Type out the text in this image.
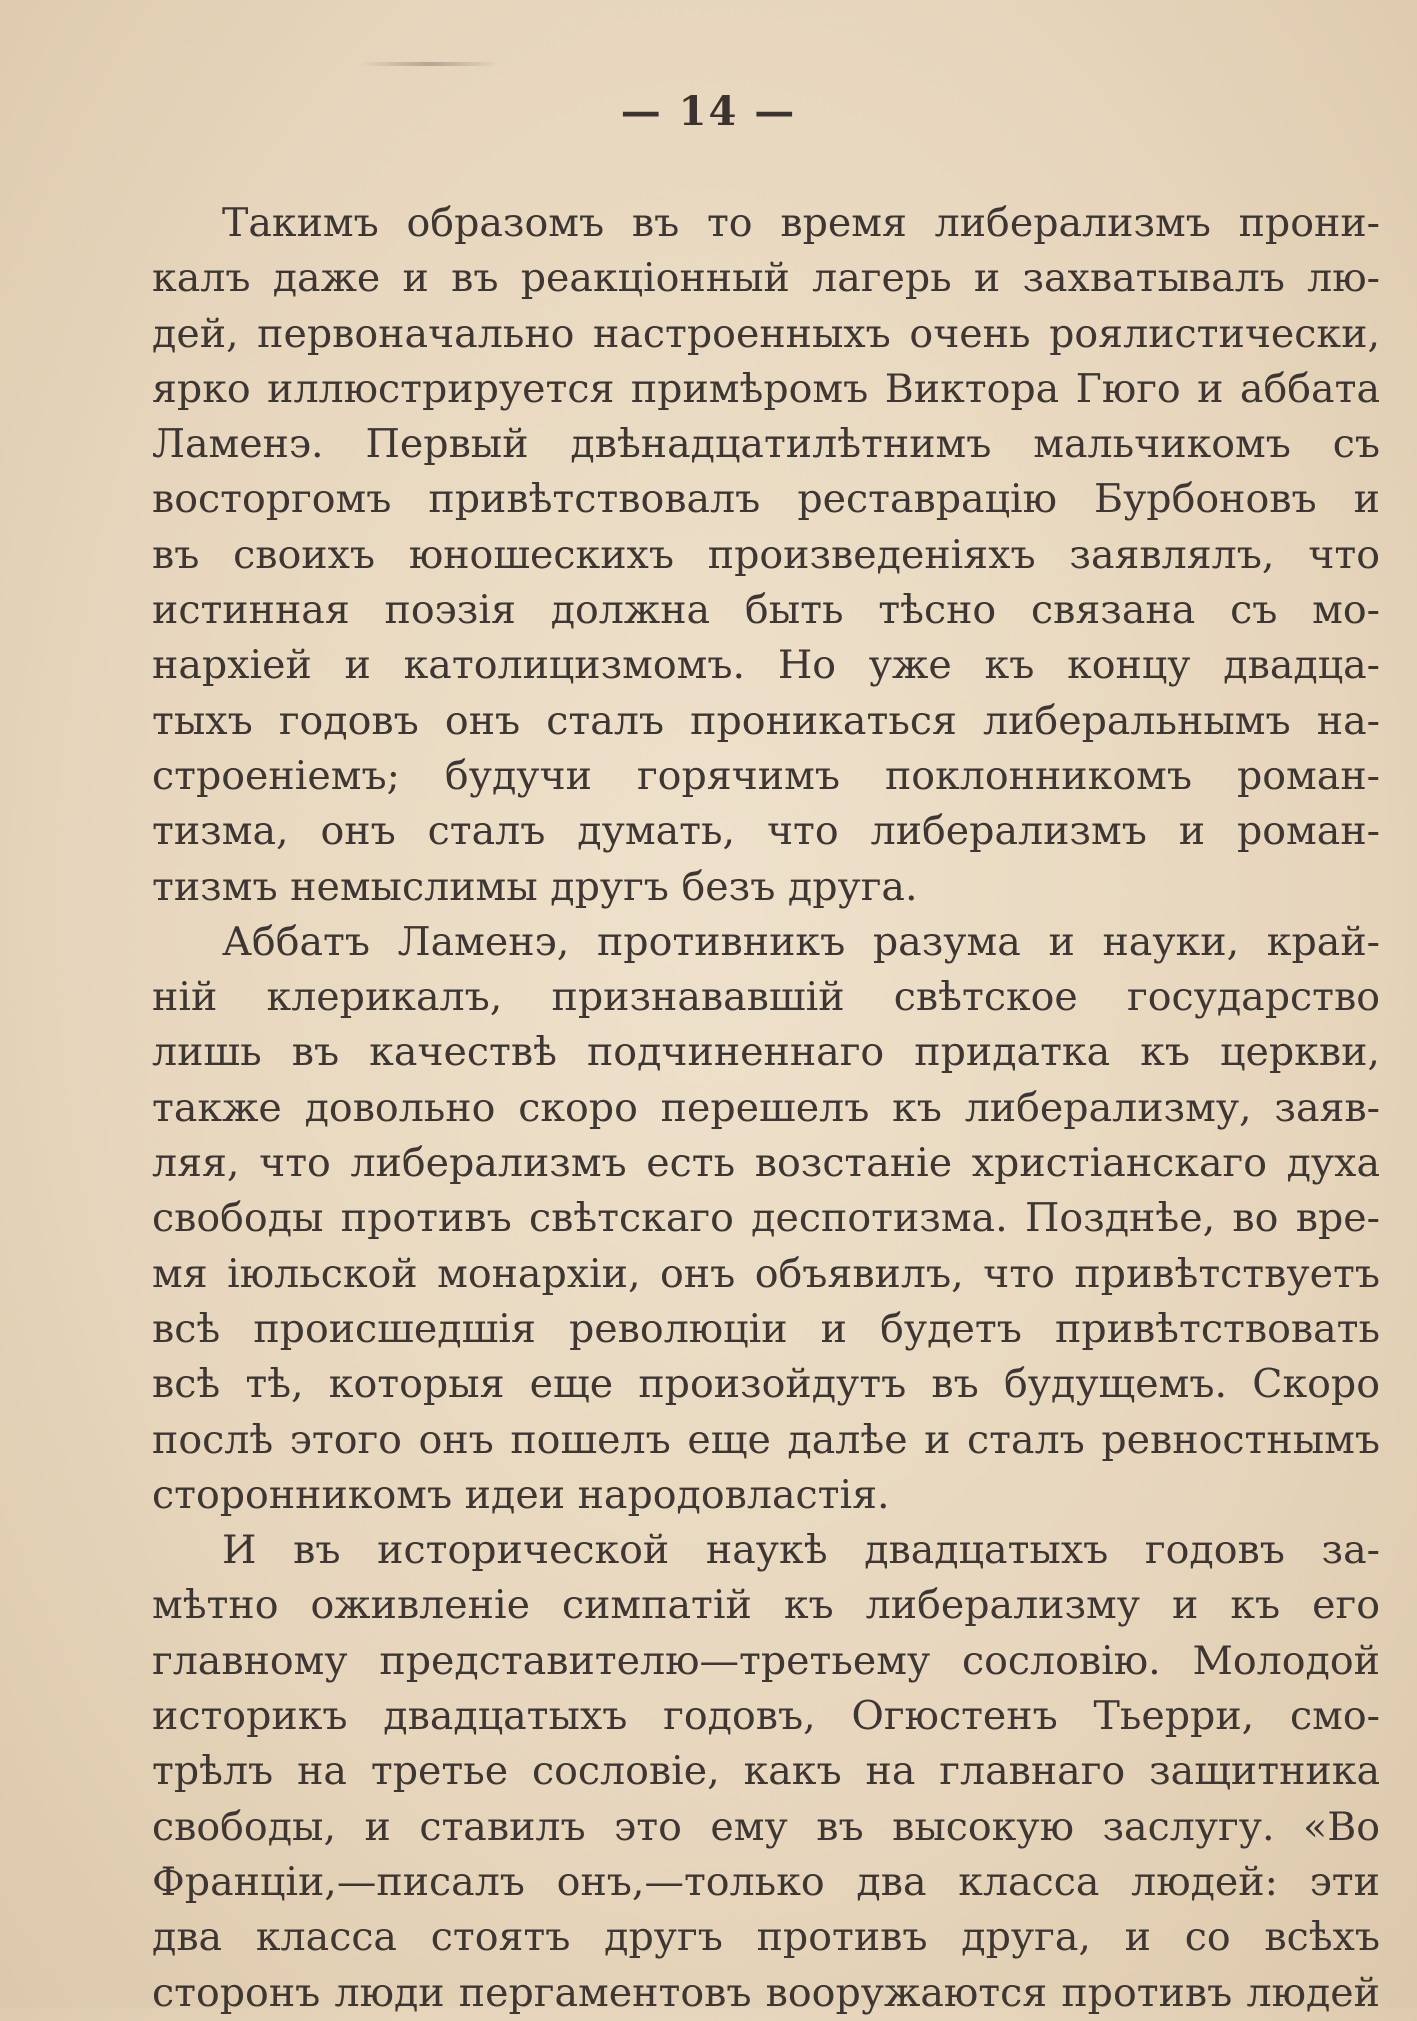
— 14 —
Такимъ образомъ въ то время либерализмъ прони-
калъ даже и въ реакціонный лагерь и захватывалъ лю-
дей, первоначально настроенныхъ очень роялистически,
ярко иллюстрируется примѣромъ Виктора Гюго и аббата
Ламенэ. Первый двѣнадцатилѣтнимъ мальчикомъ съ
восторгомъ привѣтствовалъ реставрацію Бурбоновъ и
въ своихъ юношескихъ произведеніяхъ заявлялъ, что
истинная поэзія должна быть тѣсно связана съ мо-
нархіей и католицизмомъ. Но уже къ концу двадца-
тыхъ годовъ онъ сталъ проникаться либеральнымъ на-
строеніемъ; будучи горячимъ поклонникомъ роман-
тизма, онъ сталъ думать, что либерализмъ и роман-
тизмъ немыслимы другъ безъ друга.
Аббатъ Ламенэ, противникъ разума и науки, край-
ній клерикалъ, признававшій свѣтское государство
лишь въ качествѣ подчиненнаго придатка къ церкви,
также довольно скоро перешелъ къ либерализму, заяв-
ляя, что либерализмъ есть возстаніе христіанскаго духа
свободы противъ свѣтскаго деспотизма. Позднѣе, во вре-
мя іюльской монархіи, онъ объявилъ, что привѣтствуетъ
всѣ происшедшія революціи и будетъ привѣтствовать
всѣ тѣ, которыя еще произойдутъ въ будущемъ. Скоро
послѣ этого онъ пошелъ еще далѣе и сталъ ревностнымъ
сторонникомъ идеи народовластія.
И въ исторической наукѣ двадцатыхъ годовъ за-
мѣтно оживленіе симпатій къ либерализму и къ его
главному представителю—третьему сословію. Молодой
историкъ двадцатыхъ годовъ, Огюстенъ Тьерри, смо-
трѣлъ на третье сословіе, какъ на главнаго защитника
свободы, и ставилъ это ему въ высокую заслугу. «Во
Франціи,—писалъ онъ,—только два класса людей: эти
два класса стоятъ другъ противъ друга, и со всѣхъ
сторонъ люди пергаментовъ вооружаются противъ людей
